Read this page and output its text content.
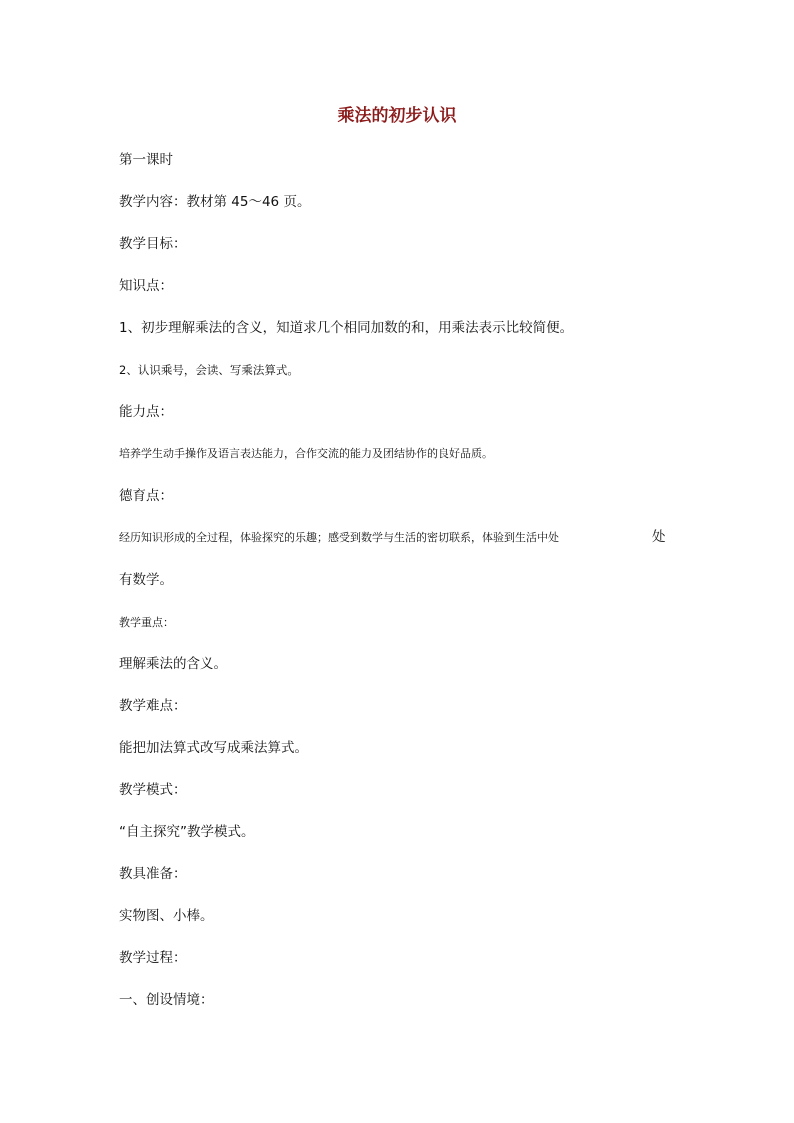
乘法的初步认识
第一课时
教学内容：教材第 45～46 页。
教学目标：
知识点：
1、初步理解乘法的含义，知道求几个相同加数的和，用乘法表示比较简便。
2、认识乘号，会读、写乘法算式。
能力点：
培养学生动手操作及语言表达能力，合作交流的能力及团结协作的良好品质。
德育点：
经历知识形成的全过程，体验探究的乐趣；感受到数学与生活的密切联系，体验到生活中处	处
有数学。
教学重点：
理解乘法的含义。
教学难点：
能把加法算式改写成乘法算式。
教学模式：
“自主探究”教学模式。
教具准备：
实物图、小棒。
教学过程：
一、创设情境：
